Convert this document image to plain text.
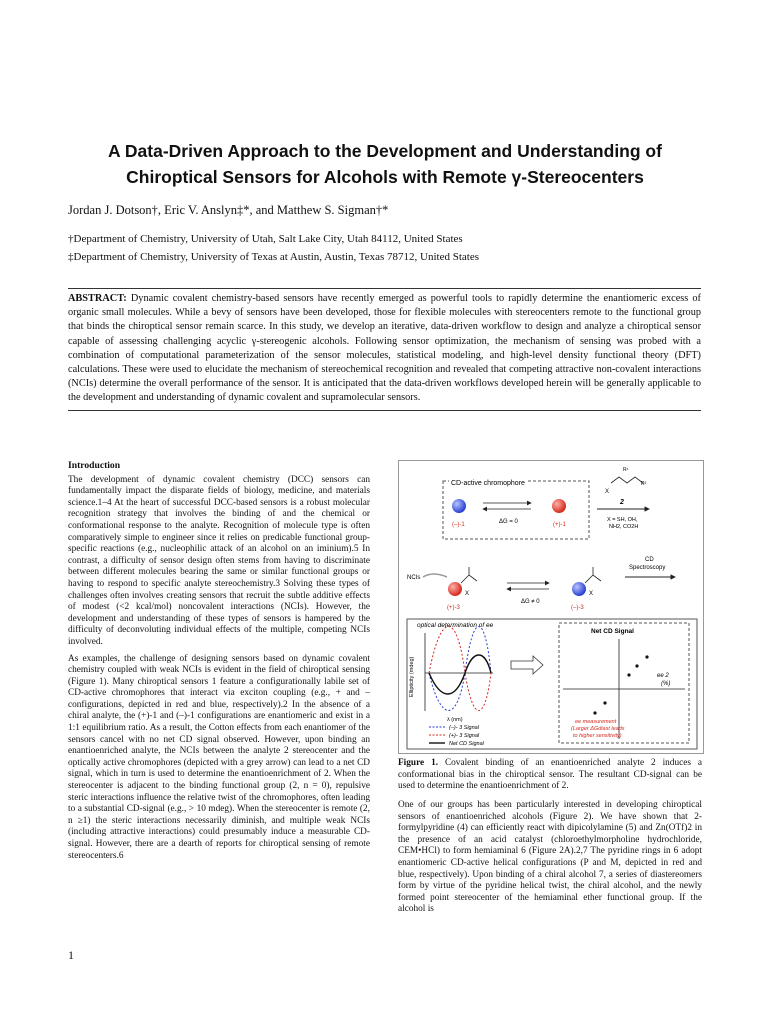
A Data-Driven Approach to the Development and Understanding of
Chiroptical Sensors for Alcohols with Remote γ-Stereocenters
Jordan J. Dotson†, Eric V. Anslyn‡*, and Matthew S. Sigman†*
†Department of Chemistry, University of Utah, Salt Lake City, Utah 84112, United States
‡Department of Chemistry, University of Texas at Austin, Austin, Texas 78712, United States
ABSTRACT: Dynamic covalent chemistry-based sensors have recently emerged as powerful tools to rapidly determine the enantiomeric excess of organic small molecules. While a bevy of sensors have been developed, those for flexible molecules with stereocenters remote to the functional group that binds the chiroptical sensor remain scarce. In this study, we develop an iterative, data-driven workflow to design and analyze a chiroptical sensor capable of assessing challenging acyclic γ-stereogenic alcohols. Following sensor optimization, the mechanism of sensing was probed with a combination of computational parameterization of the sensor molecules, statistical modeling, and high-level density functional theory (DFT) calculations. These were used to elucidate the mechanism of stereochemical recognition and revealed that competing attractive non-covalent interactions (NCIs) determine the overall performance of the sensor. It is anticipated that the data-driven workflows developed herein will be generally applicable to the development and understanding of dynamic covalent and supramolecular sensors.
Introduction

The development of dynamic covalent chemistry (DCC) sensors can fundamentally impact the disparate fields of biology, medicine, and materials science.1–4 At the heart of successful DCC-based sensors is a robust molecular recognition strategy that involves the binding of and the chemical or conformational response to the analyte. Recognition of molecule type is often comparatively simple to engineer since it relies on predicable functional group-specific reactions (e.g., nucleophilic attack of an alcohol on an iminium).5 In contrast, a difficulty of sensor design often stems from having to discriminate between different molecules bearing the same or similar functional groups or having to respond to specific analyte stereochemistry.3 Solving these types of challenges often involves creating sensors that recruit the subtle additive effects of modest (<2 kcal/mol) noncovalent interactions (NCIs). However, the development and understanding of these types of sensors is hampered by the difficulty of deconvoluting individual effects of the multiple, competing NCIs involved.

As examples, the challenge of designing sensors based on dynamic covalent chemistry coupled with weak NCIs is evident in the field of chiroptical sensing (Figure 1). Many chiroptical sensors 1 feature a configurationally labile set of CD-active chromophores that interact via exciton coupling (e.g., + and – configurations, depicted in red and blue, respectively).2 In the absence of a chiral analyte, the (+)-1 and (–)-1 configurations are enantiomeric and exist in a 1:1 equilibrium ratio. As a result, the Cotton effects from each enantiomer of the sensors cancel with no net CD signal observed. However, upon binding an enantioenriched analyte, the NCIs between the analyte 2 stereocenter and the optically active chromophores (depicted with a grey arrow) can lead to a net CD signal, which in turn is used to determine the enantioenrichment of 2. When the stereocenter is adjacent to the binding functional group (2, n = 0), repulsive steric interactions influence the relative twist of the chromophores, often leading to a substantial CD-signal (e.g., > 10 mdeg). When the stereocenter is remote (2, n ≥1) the steric interactions necessarily diminish, and multiple weak NCIs (including attractive interactions) could presumably induce a measurable CD-signal. However, there are a dearth of reports for chiroptical sensing of remote stereocenters.6

CD-active chromophore
(–)-1	ΔG = 0	(+)-1
R¹
R²
X
2
X = SH, OH,
NH2, CO2H
NCIs
X
(+)-3
ΔG ≠ 0
X
(–)-3
CD
Spectroscopy
optical determination of ee
Ellipticity (mdeg)
λ (nm)
(–)- 3 Signal
(+)- 3 Signal
Net CD Signal
Net CD Signal
ee 2
(%)
ee measurement
(Larger ΔGdiast leads
to higher sensitivity)
Figure 1. Covalent binding of an enantioenriched analyte 2 induces a conformational bias in the chiroptical sensor. The resultant CD-signal can be used to determine the enantioenrichment of 2.

One of our groups has been particularly interested in developing chiroptical sensors of enantioenriched alcohols (Figure 2). We have shown that 2-formylpyridine (4) can efficiently react with dipicolylamine (5) and Zn(OTf)2 in the presence of an acid catalyst (chloroethylmorpholine hydrochloride, CEM•HCl) to form hemiaminal 6 (Figure 2A).2,7 The pyridine rings in 6 adopt enantiomeric CD-active helical configurations (P and M, depicted in red and blue, respectively). Upon binding of a chiral alcohol 7, a series of diastereomers form by virtue of the pyridine helical twist, the chiral alcohol, and the newly formed point stereocenter of the hemiaminal ether functional group. If the alcohol is

1
